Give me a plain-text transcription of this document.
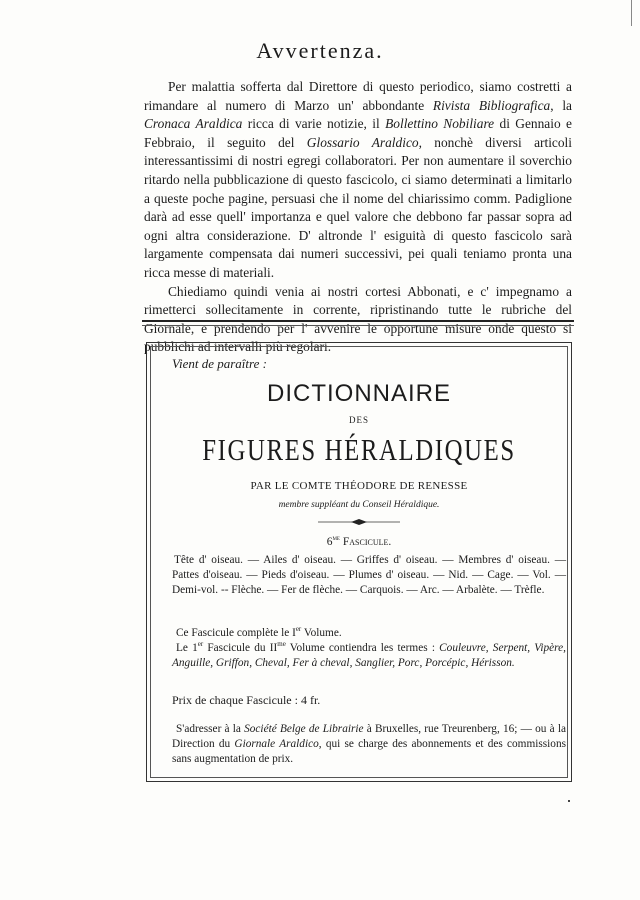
Avvertenza.

Per malattia sofferta dal Direttore di questo periodico, siamo costretti a rimandare al numero di Marzo un' abbondante Rivista Bibliografica, la Cronaca Araldica ricca di varie notizie, il Bollettino Nobiliare di Gennaio e Febbraio, il seguito del Glossario Araldico, nonchè diversi articoli interessantissimi di nostri egregi collaboratori. Per non aumentare il soverchio ritardo nella pubblicazione di questo fascicolo, ci siamo determinati a limitarlo a queste poche pagine, persuasi che il nome del chiarissimo comm. Padiglione darà ad esse quell' importanza e quel valore che debbono far passar sopra ad ogni altra considerazione. D' altronde l' esiguità di questo fascicolo sarà largamente compensata dai numeri successivi, pei quali teniamo pronta una ricca messe di materiali.

Chiediamo quindi venia ai nostri cortesi Abbonati, e c' impegnamo a rimetterci sollecitamente in corrente, ripristinando tutte le rubriche del Giornale, e prendendo per l' avvenire le opportune misure onde questo si pubblichi ad intervalli più regolari.

Vient de paraître :
DICTIONNAIRE
DES
FIGURES HÉRALDIQUES
PAR LE COMTE THÉODORE DE RENESSE
membre suppléant du Conseil Héraldique.
$6^{me}$ Fascicule.

Tête d' oiseau. — Ailes d' oiseau. — Griffes d' oiseau. — Membres d' oiseau. — Pattes d'oiseau. — Pieds d'oiseau. — Plumes d' oiseau. — Nid. — Cage. — Vol. — Demi-vol. -- Flèche. — Fer de flèche. — Carquois. — Arc. — Arbalète. — Trèfle.

Ce Fascicule complète le Ier Volume.

Le 1er Fascicule du $II^{me}$ Volume contiendra les termes : Couleuvre, Serpent, Vipère, Anguille, Griffon, Cheval, Fer à cheval, Sanglier, Porc, Porcépic, Hérisson.

Prix de chaque Fascicule : 4 fr.

S'adresser à la Société Belge de Librairie à Bruxelles, rue Treurenberg, 16; — ou à la Direction du Giornale Araldico, qui se charge des abonnements et des commissions sans augmentation de prix.
